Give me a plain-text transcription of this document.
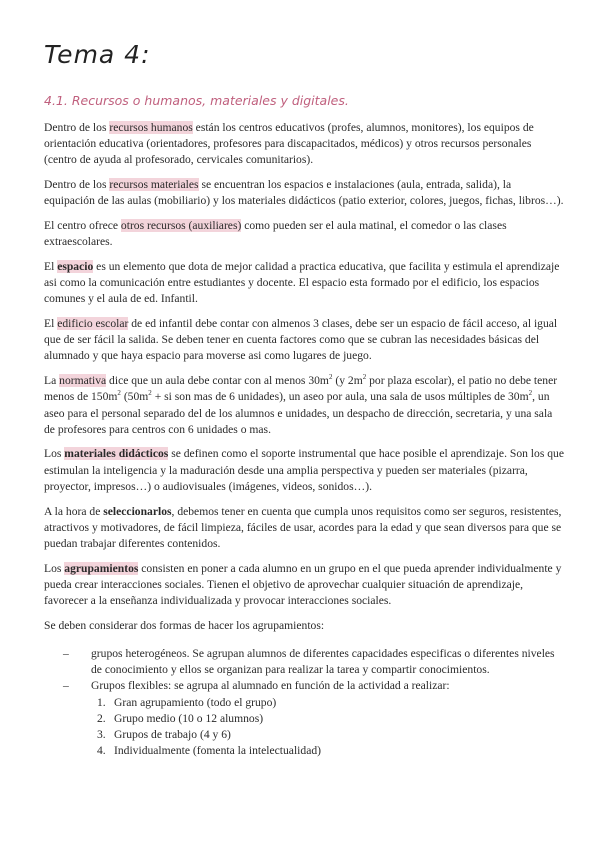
Tema 4:
4.1. Recursos o humanos, materiales y digitales.

Dentro de los recursos humanos están los centros educativos (profes, alumnos, monitores), los equipos de orientación educativa (orientadores, profesores para discapacitados, médicos) y otros recursos personales (centro de ayuda al profesorado, cervicales comunitarios).

Dentro de los recursos materiales se encuentran los espacios e instalaciones (aula, entrada, salida), la equipación de las aulas (mobiliario) y los materiales didácticos (patio exterior, colores, juegos, fichas, libros…).

El centro ofrece otros recursos (auxiliares) como pueden ser el aula matinal, el comedor o las clases extraescolares.

El espacio es un elemento que dota de mejor calidad a practica educativa, que facilita y estimula el aprendizaje asi como la comunicación entre estudiantes y docente. El espacio esta formado por el edificio, los espacios comunes y el aula de ed. Infantil.

El edificio escolar de ed infantil debe contar con almenos 3 clases, debe ser un espacio de fácil acceso, al igual que de ser fácil la salida. Se deben tener en cuenta factores como que se cubran las necesidades básicas del alumnado y que haya espacio para moverse asi como lugares de juego.

La normativa dice que un aula debe contar con al menos $30m^2$ (y $2m^2$ por plaza escolar), el patio no debe tener menos de $150m^2$ ($50m^2$ + si son mas de 6 unidades), un aseo por aula, una sala de usos múltiples de $30m^2$, un aseo para el personal separado del de los alumnos e unidades, un despacho de dirección, secretaria, y una sala de profesores para centros con 6 unidades o mas.

Los materiales didácticos se definen como el soporte instrumental que hace posible el aprendizaje. Son los que estimulan la inteligencia y la maduración desde una amplia perspectiva y pueden ser materiales (pizarra, proyector, impresos…) o audiovisuales (imágenes, videos, sonidos…).

A la hora de seleccionarlos, debemos tener en cuenta que cumpla unos requisitos como ser seguros, resistentes, atractivos y motivadores, de fácil limpieza, fáciles de usar, acordes para la edad y que sean diversos para que se puedan trabajar diferentes contenidos.

Los agrupamientos consisten en poner a cada alumno en un grupo en el que pueda aprender individualmente y pueda crear interacciones sociales. Tienen el objetivo de aprovechar cualquier situación de aprendizaje, favorecer a la enseñanza individualizada y provocar interacciones sociales.

Se deben considerar dos formas de hacer los agrupamientos:

– grupos heterogéneos. Se agrupan alumnos de diferentes capacidades especificas o diferentes niveles de conocimiento y ellos se organizan para realizar la tarea y compartir conocimientos.
– Grupos flexibles: se agrupa al alumnado en función de la actividad a realizar:
1. Gran agrupamiento (todo el grupo)
2. Grupo medio (10 o 12 alumnos)
3. Grupos de trabajo (4 y 6)
4. Individualmente (fomenta la intelectualidad)
